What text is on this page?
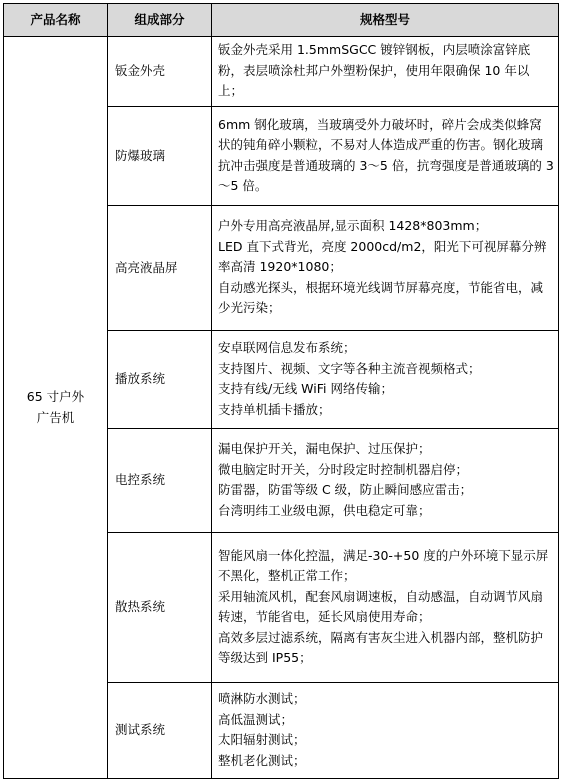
产品名称	组成部分	规格型号

65 寸户外广告机	钣金外壳	钣金外壳采用 1.5mmSGCC 镀锌钢板，内层喷涂富锌底粉，表层喷涂杜邦户外塑粉保护，使用年限确保 10 年以上；

	防爆玻璃	6mm 钢化玻璃，当玻璃受外力破坏时，碎片会成类似蜂窝状的钝角碎小颗粒，不易对人体造成严重的伤害。钢化玻璃抗冲击强度是普通玻璃的 3～5 倍，抗弯强度是普通玻璃的 3～5 倍。

	高亮液晶屏	户外专用高亮液晶屏,显示面积 1428*803mm；
LED 直下式背光，亮度 2000cd/m2，阳光下可视屏幕分辨率高清 1920*1080；
自动感光探头，根据环境光线调节屏幕亮度，节能省电，减少光污染；

	播放系统	安卓联网信息发布系统；
支持图片、视频、文字等各种主流音视频格式；
支持有线/无线 WiFi 网络传输；
支持单机插卡播放；

	电控系统	漏电保护开关，漏电保护、过压保护；
微电脑定时开关，分时段定时控制机器启停；
防雷器，防雷等级 C 级，防止瞬间感应雷击；
台湾明纬工业级电源，供电稳定可靠；

	散热系统	智能风扇一体化控温，满足-30-+50 度的户外环境下显示屏不黑化，整机正常工作；
采用轴流风机，配套风扇调速板，自动感温，自动调节风扇转速，节能省电，延长风扇使用寿命；
高效多层过滤系统，隔离有害灰尘进入机器内部，整机防护等级达到 IP55；

	测试系统	喷淋防水测试；
高低温测试；
太阳辐射测试；
整机老化测试；
